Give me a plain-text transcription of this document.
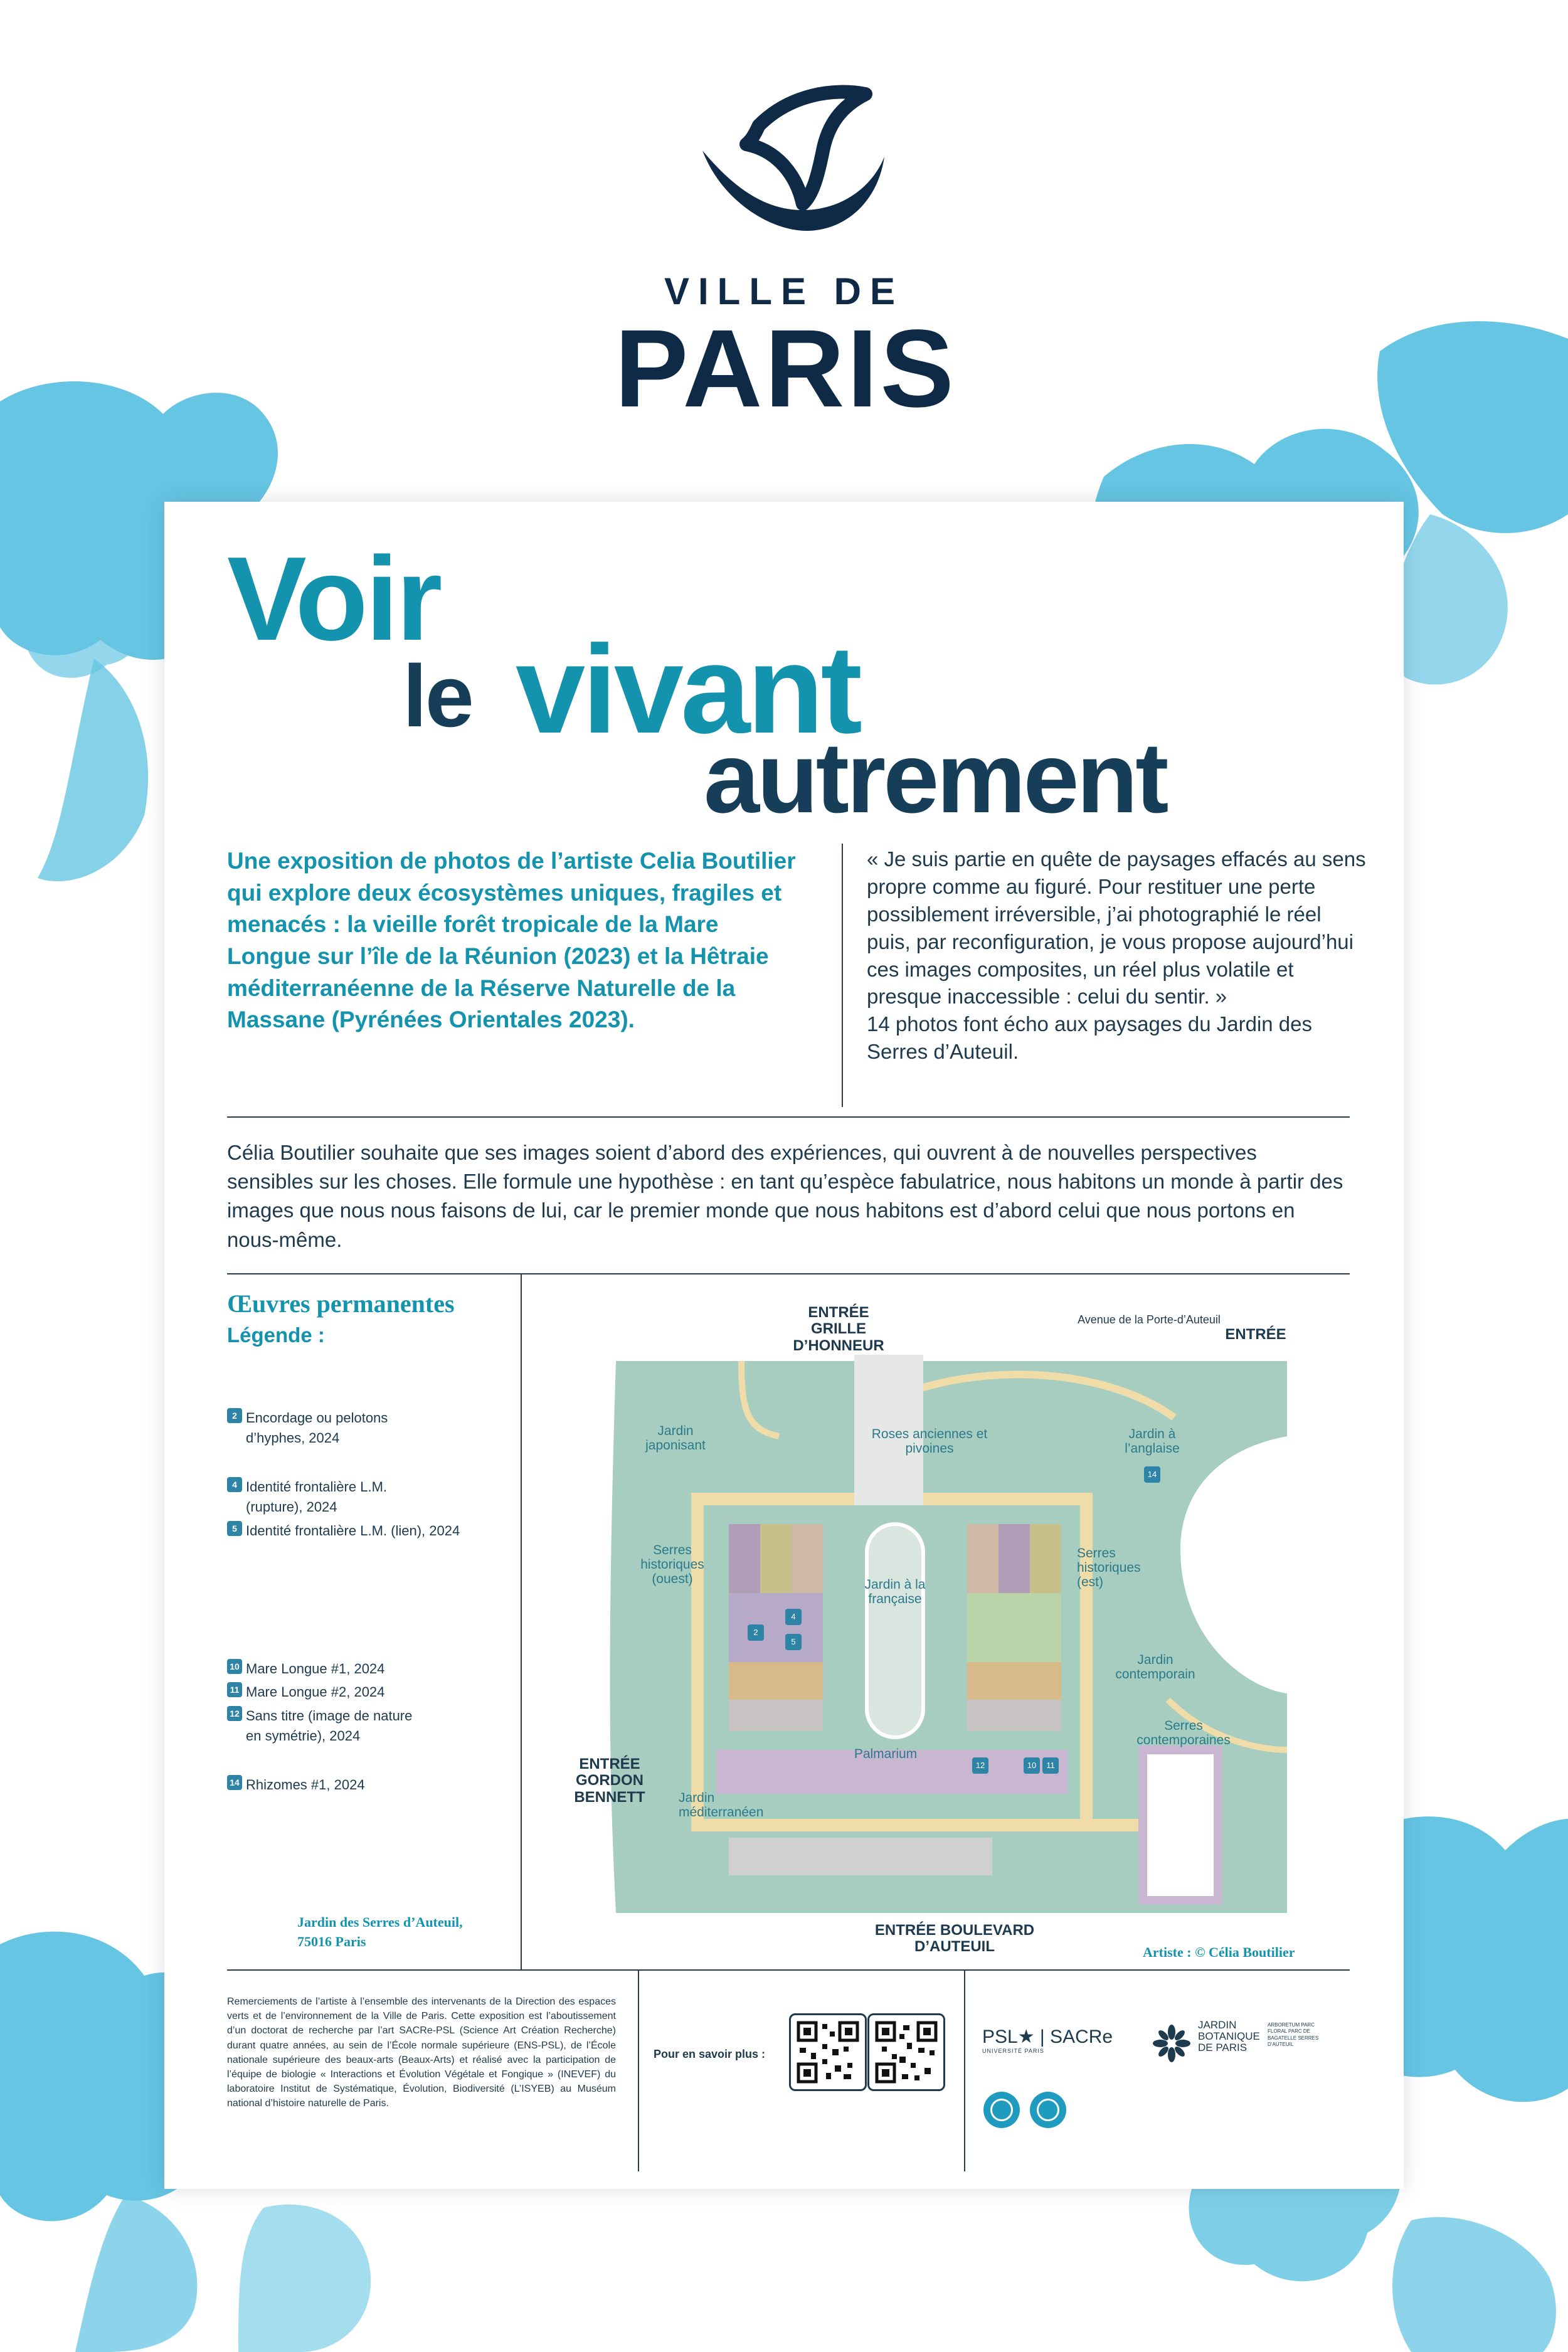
VILLE DE
PARIS
Voir
le vivant
autrement
Une exposition de photos de l’artiste Celia Boutilier qui explore deux écosystèmes uniques, fragiles et menacés : la vieille forêt tropicale de la Mare Longue sur l’île de la Réunion (2023) et la Hêtraie méditerranéenne de la Réserve Naturelle de la Massane (Pyrénées Orientales 2023).
« Je suis partie en quête de paysages effacés au sens propre comme au figuré. Pour restituer une perte possiblement irréversible, j’ai photographié le réel puis, par reconfiguration, je vous propose aujourd’hui ces images composites, un réel plus volatile et presque inaccessible : celui du sentir. »
14 photos font écho aux paysages du Jardin des Serres d’Auteuil.
Célia Boutilier souhaite que ses images soient d’abord des expériences, qui ouvrent à de nouvelles perspectives sensibles sur les choses. Elle formule une hypothèse : en tant qu’espèce fabulatrice, nous habitons un monde à partir des images que nous nous faisons de lui, car le premier monde que nous habitons est d’abord celui que nous portons en nous-même.
Œuvres permanentes
Légende :
2 Encordage ou pelotons d’hyphes, 2024
4 Identité frontalière L.M. (rupture), 2024
5 Identité frontalière L.M. (lien), 2024
10 Mare Longue #1, 2024
11 Mare Longue #2, 2024
12 Sans titre (image de nature en symétrie), 2024
14 Rhizomes #1, 2024
Jardin des Serres d’Auteuil,
75016 Paris
ENTRÉE GRILLE D’HONNEUR
Avenue de la Porte-d’Auteuil
ENTRÉE
Jardin japonisant
Roses anciennes et pivoines
Jardin à l’anglaise
Serres historiques (ouest)	Jardin à la française
Serres historiques (est)
Jardin contemporain
Serres contemporaines
Palmarium
ENTRÉE GORDON BENNETT	Jardin méditerranéen
ENTRÉE BOULEVARD D’AUTEUIL
2
4
5
12	10	11
14
Artiste : © Célia Boutilier
Remerciements de l’artiste à l’ensemble des intervenants de la Direction des espaces verts et de l’environnement de la Ville de Paris. Cette exposition est l’aboutissement d’un doctorat de recherche par l’art SACRe-PSL (Science Art Création Recherche) durant quatre années, au sein de l’École normale supérieure (ENS-PSL), de l’École nationale supérieure des beaux-arts (Beaux-Arts) et réalisé avec la participation de l’équipe de biologie « Interactions et Évolution Végétale et Fongique » (INEVEF) du laboratoire Institut de Systématique, Évolution, Biodiversité (L’ISYEB) au Muséum national d’histoire naturelle de Paris.
Pour en savoir plus :
PSL★ | SACRe
UNIVERSITÉ PARIS
JARDIN BOTANIQUE DE PARIS
ARBORETUM PARC FLORAL PARC DE BAGATELLE SERRES D’AUTEUIL
